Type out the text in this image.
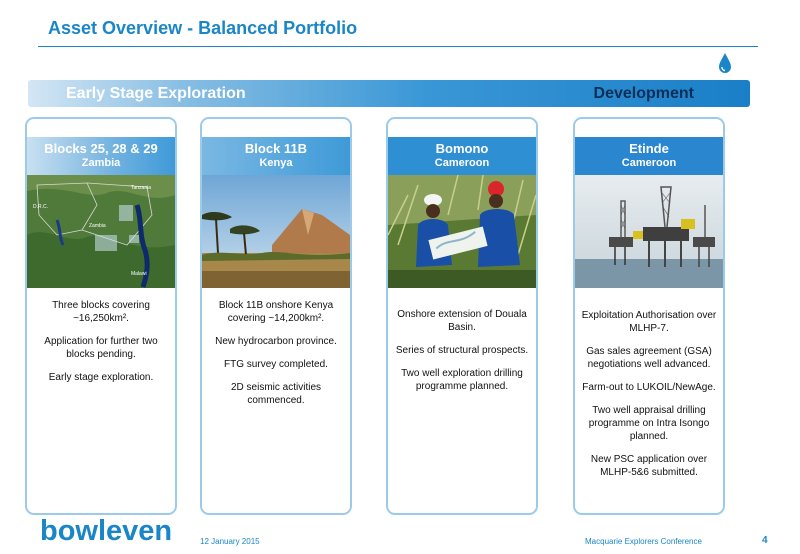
Asset Overview - Balanced Portfolio
Early Stage Exploration	Development
Blocks 25, 28 & 29
Zambia
D.R.C.
Tanzania
Zambia
Malawi

Three blocks covering ~16,250km².

Application for further two blocks pending.

Early stage exploration.

Block 11B
Kenya

Block 11B onshore Kenya covering ~14,200km².

New hydrocarbon province.

FTG survey completed.

2D seismic activities commenced.

Bomono
Cameroon

Onshore extension of Douala Basin.

Series of structural prospects.

Two well exploration drilling programme planned.

Etinde
Cameroon

Exploitation Authorisation over MLHP-7.

Gas sales agreement (GSA) negotiations well advanced.

Farm-out to LUKOIL/NewAge.

Two well appraisal drilling programme on Intra Isongo planned.

New PSC application over MLHP-5&6 submitted.

bowleven	12 January 2015	Macquarie Explorers Conference	4
